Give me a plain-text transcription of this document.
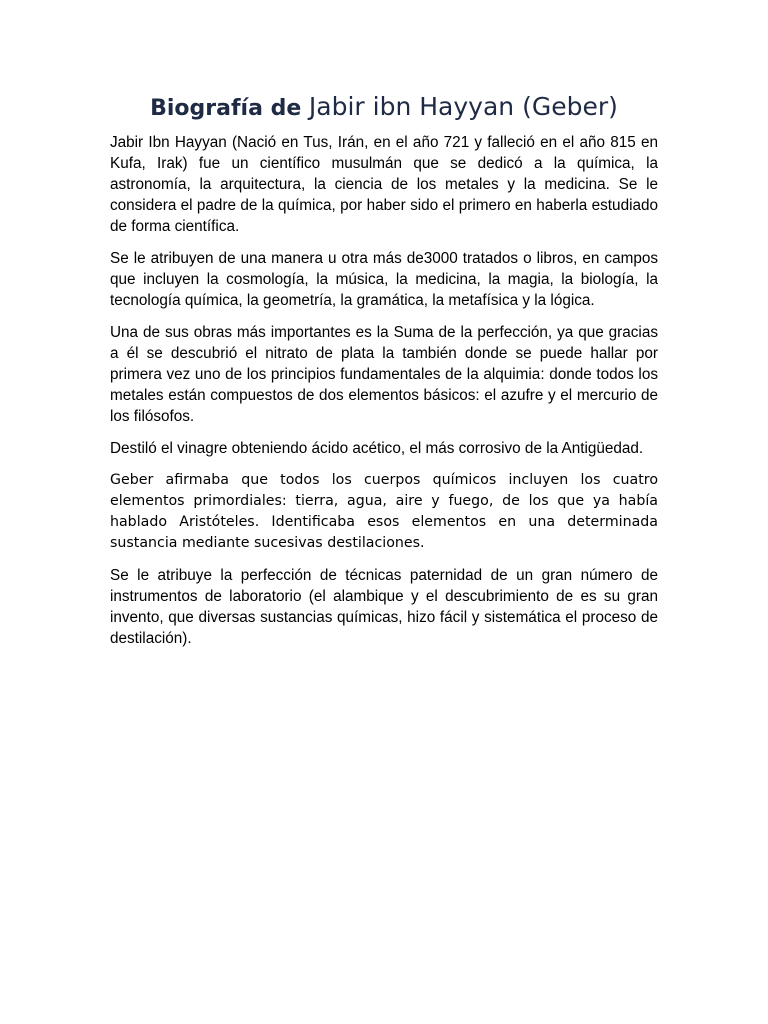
Biografía de Jabir ibn Hayyan (Geber)

Jabir Ibn Hayyan (Nació en Tus, Irán, en el año 721 y falleció en el año 815 en Kufa, Irak) fue un científico musulmán que se dedicó a la química, la astronomía, la arquitectura, la ciencia de los metales y la medicina. Se le considera el padre de la química, por haber sido el primero en haberla estudiado de forma científica.

Se le atribuyen de una manera u otra más de3000 tratados o libros, en campos que incluyen la cosmología, la música, la medicina, la magia, la biología, la tecnología química, la geometría, la gramática, la metafísica y la lógica.

Una de sus obras más importantes es la Suma de la perfección, ya que gracias a él se descubrió el nitrato de plata la también donde se puede hallar por primera vez uno de los principios fundamentales de la alquimia: donde todos los metales están compuestos de dos elementos básicos: el azufre y el mercurio de los filósofos.

Destiló el vinagre obteniendo ácido acético, el más corrosivo de la Antigüedad.

Geber afirmaba que todos los cuerpos químicos incluyen los cuatro elementos primordiales: tierra, agua, aire y fuego, de los que ya había hablado Aristóteles. Identificaba esos elementos en una determinada sustancia mediante sucesivas destilaciones.

Se le atribuye la perfección de técnicas paternidad de un gran número de instrumentos de laboratorio (el alambique y el descubrimiento de es su gran invento, que diversas sustancias químicas, hizo fácil y sistemática el proceso de destilación).
